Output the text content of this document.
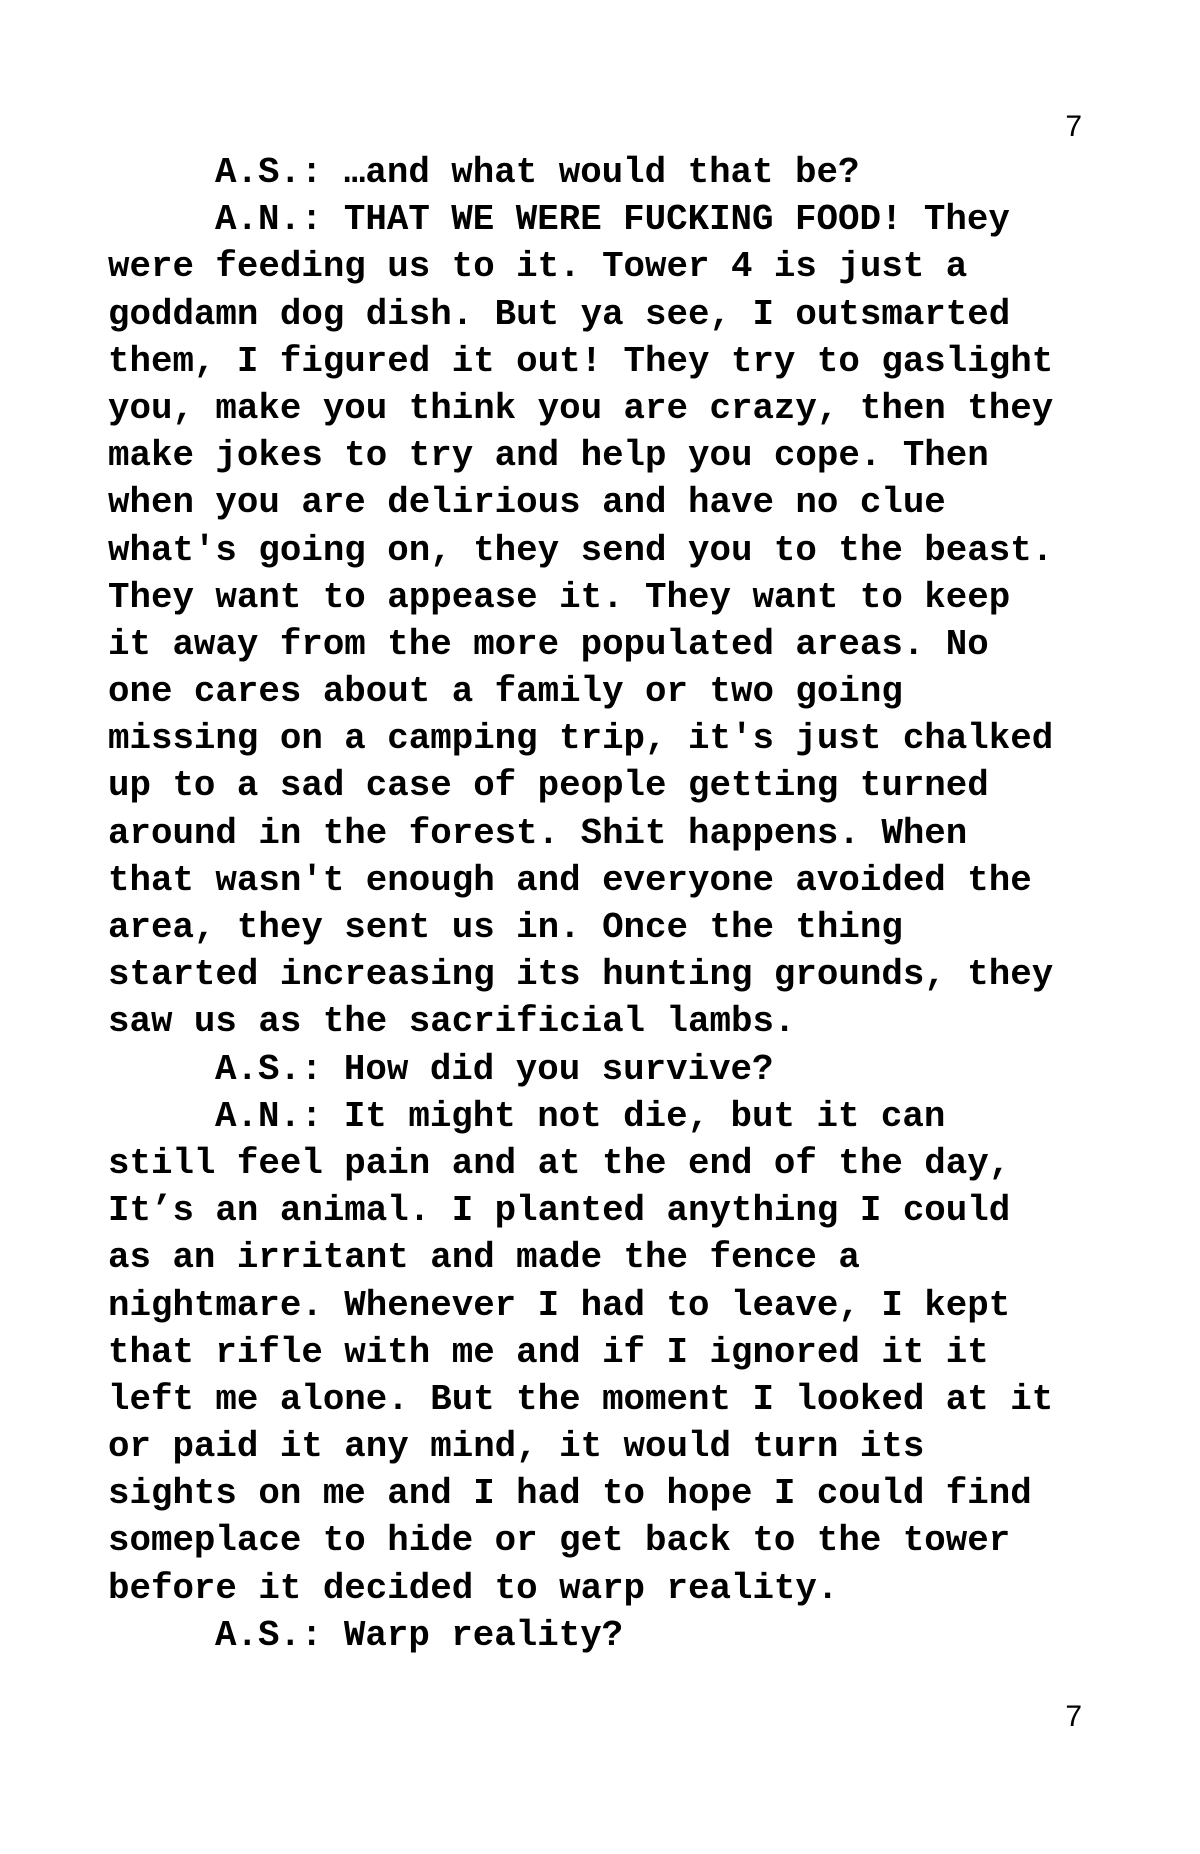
7
A.S.: …and what would that be?
A.N.: THAT WE WERE FUCKING FOOD! They
were feeding us to it. Tower 4 is just a
goddamn dog dish. But ya see, I outsmarted
them, I figured it out! They try to gaslight
you, make you think you are crazy, then they
make jokes to try and help you cope. Then
when you are delirious and have no clue
what's going on, they send you to the beast.
They want to appease it. They want to keep
it away from the more populated areas. No
one cares about a family or two going
missing on a camping trip, it's just chalked
up to a sad case of people getting turned
around in the forest. Shit happens. When
that wasn't enough and everyone avoided the
area, they sent us in. Once the thing
started increasing its hunting grounds, they
saw us as the sacrificial lambs.
A.S.: How did you survive?
A.N.: It might not die, but it can
still feel pain and at the end of the day,
It’s an animal. I planted anything I could
as an irritant and made the fence a
nightmare. Whenever I had to leave, I kept
that rifle with me and if I ignored it it
left me alone. But the moment I looked at it
or paid it any mind, it would turn its
sights on me and I had to hope I could find
someplace to hide or get back to the tower
before it decided to warp reality.
A.S.: Warp reality?
7
